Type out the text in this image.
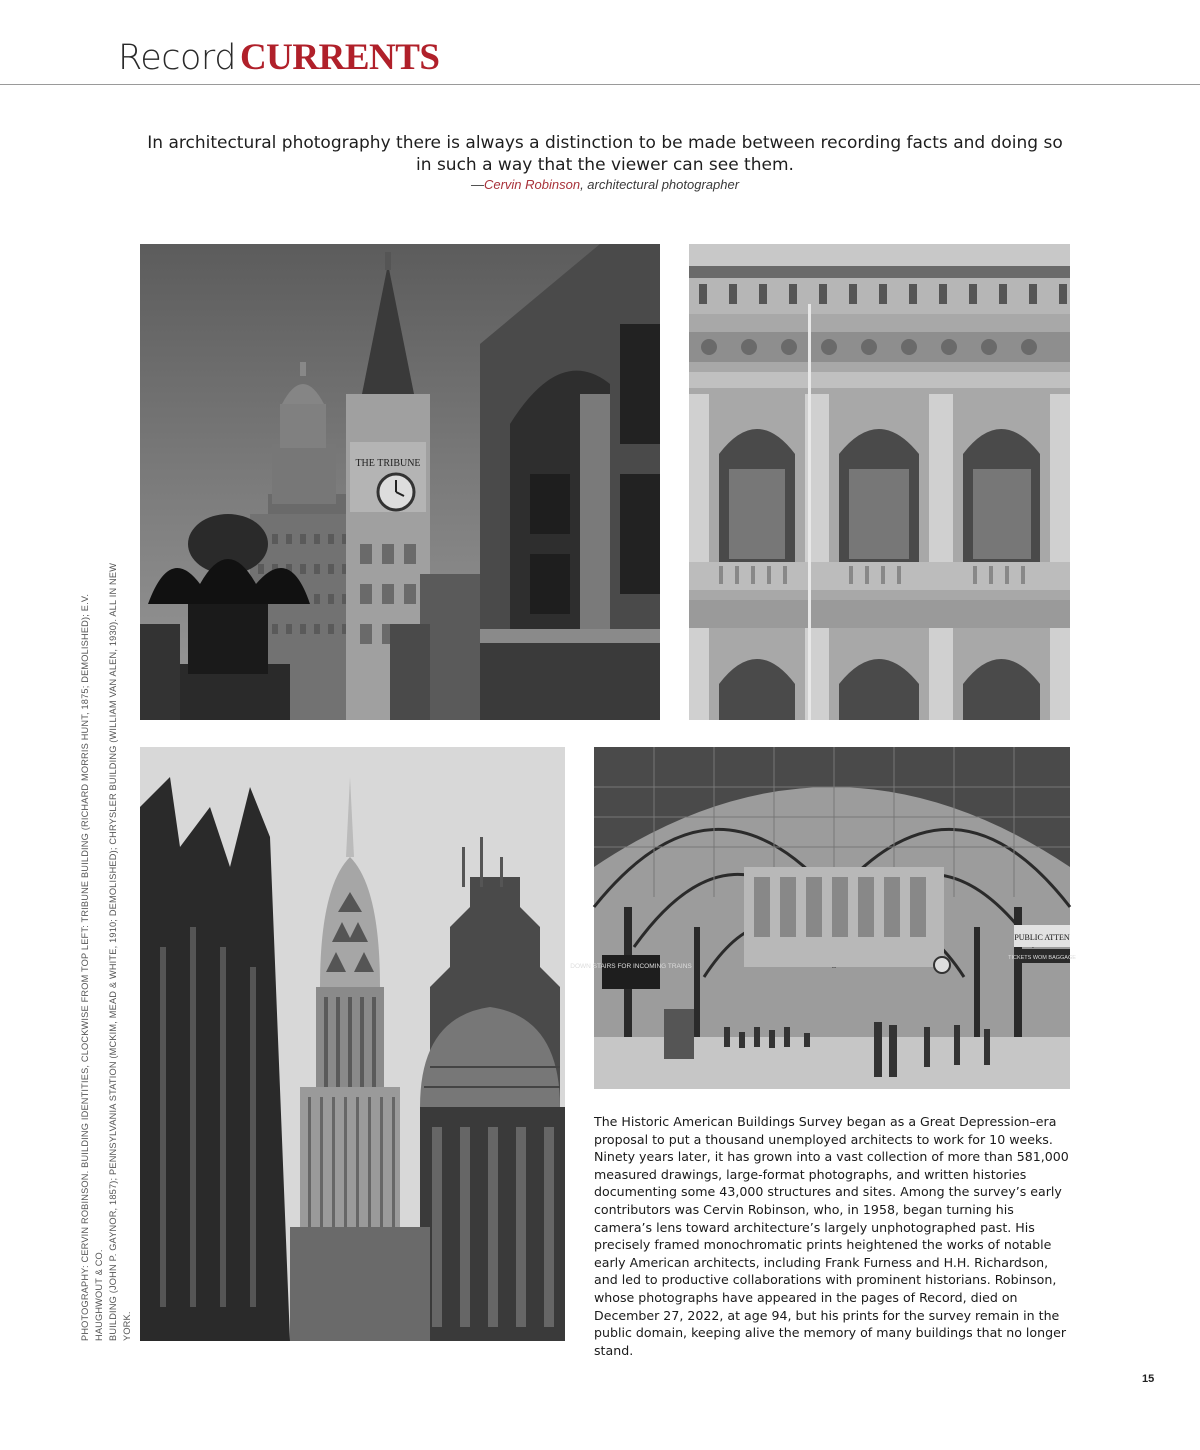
Record CURRENTS
In architectural photography there is always a distinction to be made between recording facts and doing so in such a way that the viewer can see them.
—Cervin Robinson, architectural photographer
THE TRIBUNE
DOWN STAIRS FOR INCOMING TRAINS
PUBLIC ATTEN
TICKETS WOM BAGGAGE
The Historic American Buildings Survey began as a Great Depression–era proposal to put a thousand unemployed architects to work for 10 weeks. Ninety years later, it has grown into a vast collection of more than 581,000 measured drawings, large-format photographs, and written histories documenting some 43,000 structures and sites. Among the survey’s early contributors was Cervin Robinson, who, in 1958, began turning his camera’s lens toward architecture’s largely unphotographed past. His precisely framed monochromatic prints heightened the works of notable early American architects, including Frank Furness and H.H. Richardson, and led to productive collaborations with prominent historians. Robinson, whose photographs have appeared in the pages of Record, died on December 27, 2022, at age 94, but his prints for the survey remain in the public domain, keeping alive the memory of many buildings that no longer stand.
PHOTOGRAPHY: CERVIN ROBINSON. BUILDING IDENTITIES, CLOCKWISE FROM TOP LEFT: TRIBUNE BUILDING (RICHARD MORRIS HUNT, 1875; DEMOLISHED); E.V. HAUGHWOUT & CO. BUILDING (JOHN P. GAYNOR, 1857); PENNSYLVANIA STATION (MCKIM, MEAD & WHITE, 1910; DEMOLISHED); CHRYSLER BUILDING (WILLIAM VAN ALEN, 1930). ALL IN NEW YORK.
15
